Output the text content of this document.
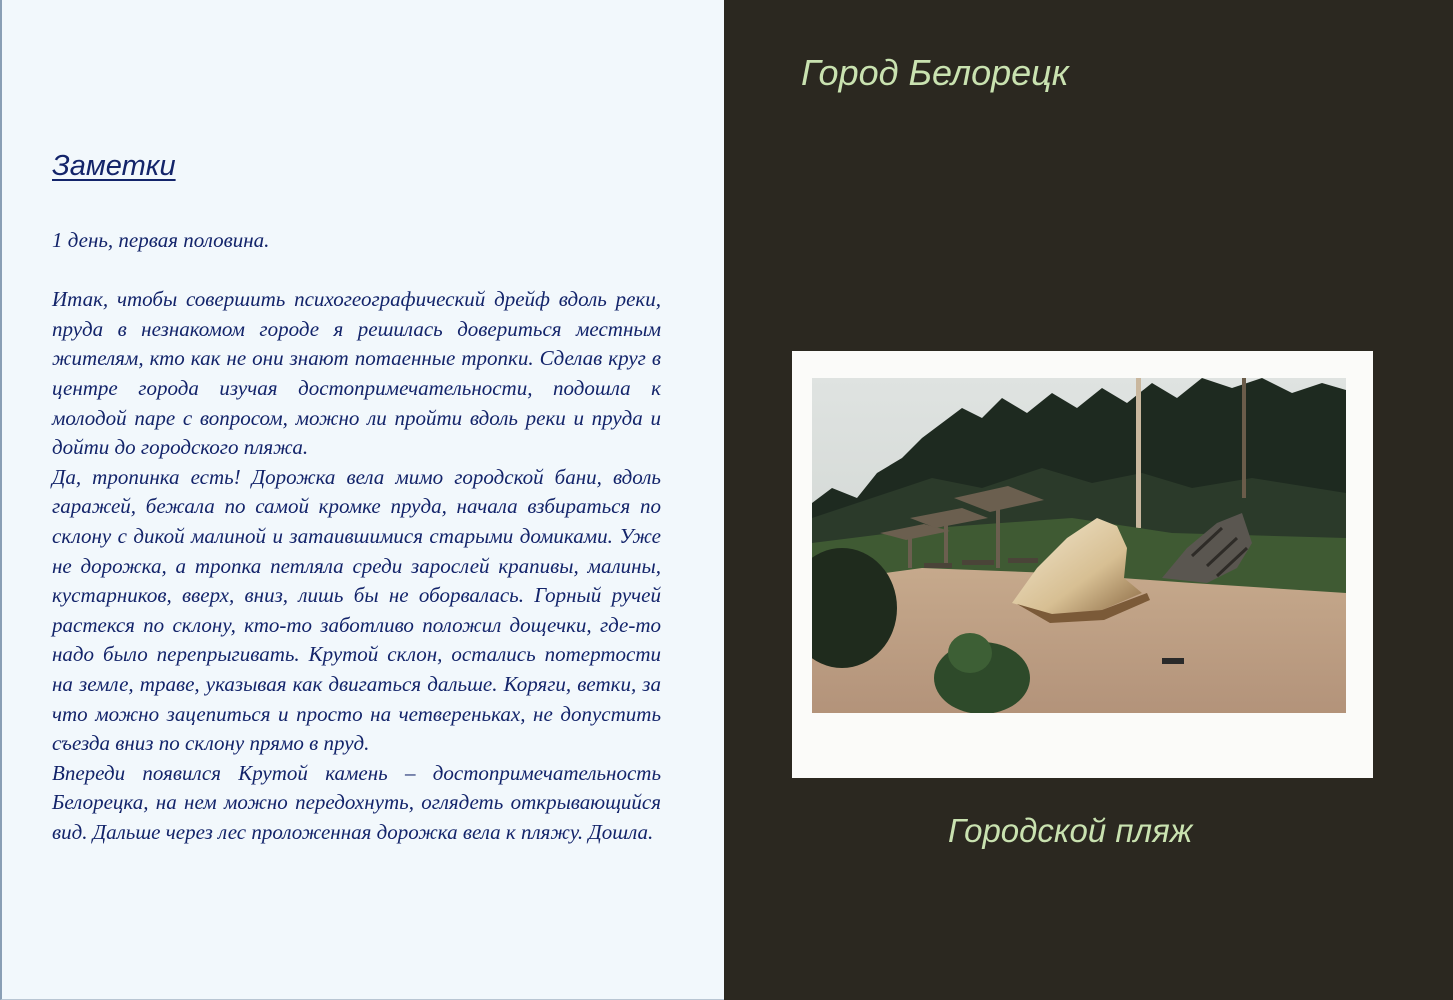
Заметки

1 день, первая половина.

Итак, чтобы совершить психогеографический дрейф вдоль реки, пруда в незнакомом городе я решилась довериться местным жителям, кто как не они знают потаенные тропки. Сделав круг в центре города изучая достопримечательности, подошла к молодой паре с вопросом, можно ли пройти вдоль реки и пруда и дойти до городского пляжа.

Да, тропинка есть! Дорожка вела мимо городской бани, вдоль гаражей, бежала по самой кромке пруда, начала взбираться по склону с дикой малиной и затаившимися старыми домиками. Уже не дорожка, а тропка петляла среди зарослей крапивы, малины, кустарников, вверх, вниз, лишь бы не оборвалась. Горный ручей растекся по склону, кто-то заботливо положил дощечки, где-то надо было перепрыгивать. Крутой склон, остались потертости на земле, траве, указывая как двигаться дальше. Коряги, ветки, за что можно зацепиться и просто на четвереньках, не допустить съезда вниз по склону прямо в пруд.

Впереди появился Крутой камень – достопримечательность Белорецка, на нем можно передохнуть, оглядеть открывающийся вид. Дальше через лес проложенная дорожка вела к пляжу. Дошла.

Город Белорецк

Городской пляж
